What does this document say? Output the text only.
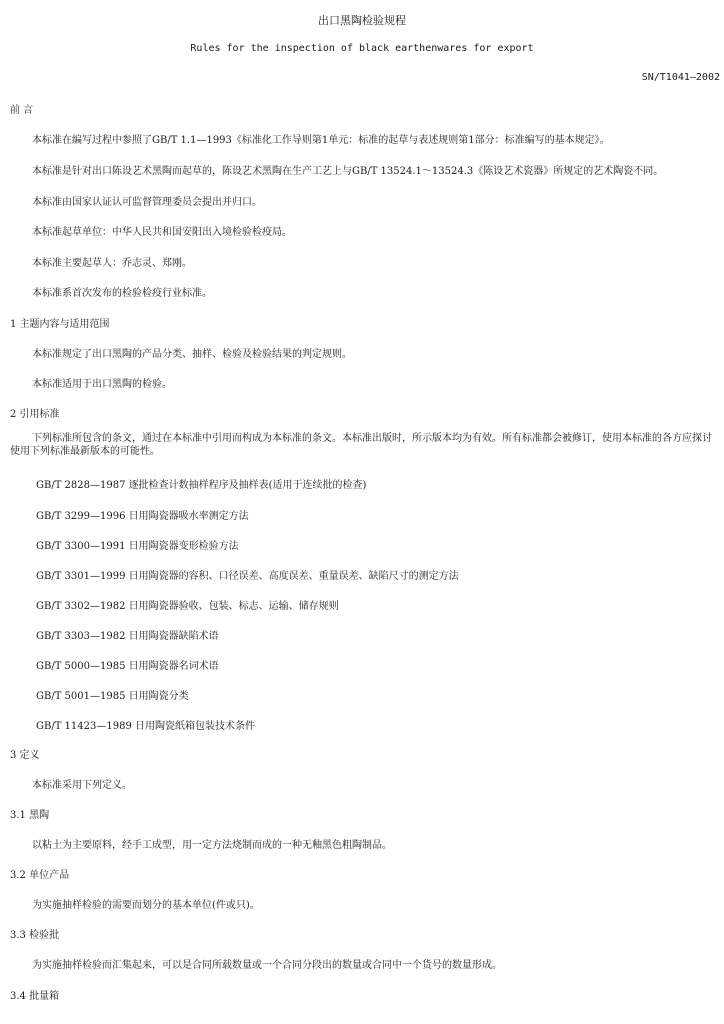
出口黑陶检验规程
Rules for the inspection of black earthenwares for export
SN/T1041—2002
前 言
本标准在编写过程中参照了GB/T 1.1—1993《标准化工作导则第1单元：标准的起草与表述规则第1部分：标准编写的基本规定》。
本标准是针对出口陈设艺术黑陶而起草的，陈设艺术黑陶在生产工艺上与GB/T 13524.1～13524.3《陈设艺术瓷器》所规定的艺术陶瓷不同。
本标准由国家认证认可监督管理委员会提出并归口。
本标准起草单位：中华人民共和国安阳出入境检验检疫局。
本标准主要起草人：乔志灵、郑刚。
本标准系首次发布的检验检疫行业标准。
1 主题内容与适用范围
本标准规定了出口黑陶的产品分类、抽样、检验及检验结果的判定规则。
本标准适用于出口黑陶的检验。
2 引用标准
下列标准所包含的条文，通过在本标准中引用而构成为本标准的条文。本标准出版时，所示版本均为有效。所有标准都会被修订，使用本标准的各方应探讨使用下列标准最新版本的可能性。
GB/T 2828—1987 逐批检查计数抽样程序及抽样表(适用于连续批的检查)
GB/T 3299—1996 日用陶瓷器吸水率测定方法
GB/T 3300—1991 日用陶瓷器变形检验方法
GB/T 3301—1999 日用陶瓷器的容积、口径误差、高度误差、重量误差、缺陷尺寸的测定方法
GB/T 3302—1982 日用陶瓷器验收、包装、标志、运输、储存规则
GB/T 3303—1982 日用陶瓷器缺陷术语
GB/T 5000—1985 日用陶瓷器名词术语
GB/T 5001—1985 日用陶瓷分类
GB/T 11423—1989 日用陶瓷纸箱包装技术条件
3 定义
本标准采用下列定义。
3.1 黑陶
以粘土为主要原料，经手工成型，用一定方法烧制而成的一种无釉黑色粗陶制品。
3.2 单位产品
为实施抽样检验的需要而划分的基本单位(件或只)。
3.3 检验批
为实施抽样检验而汇集起来，可以是合同所载数量或一个合同分段出的数量或合同中一个货号的数量形成。
3.4 批量箱
